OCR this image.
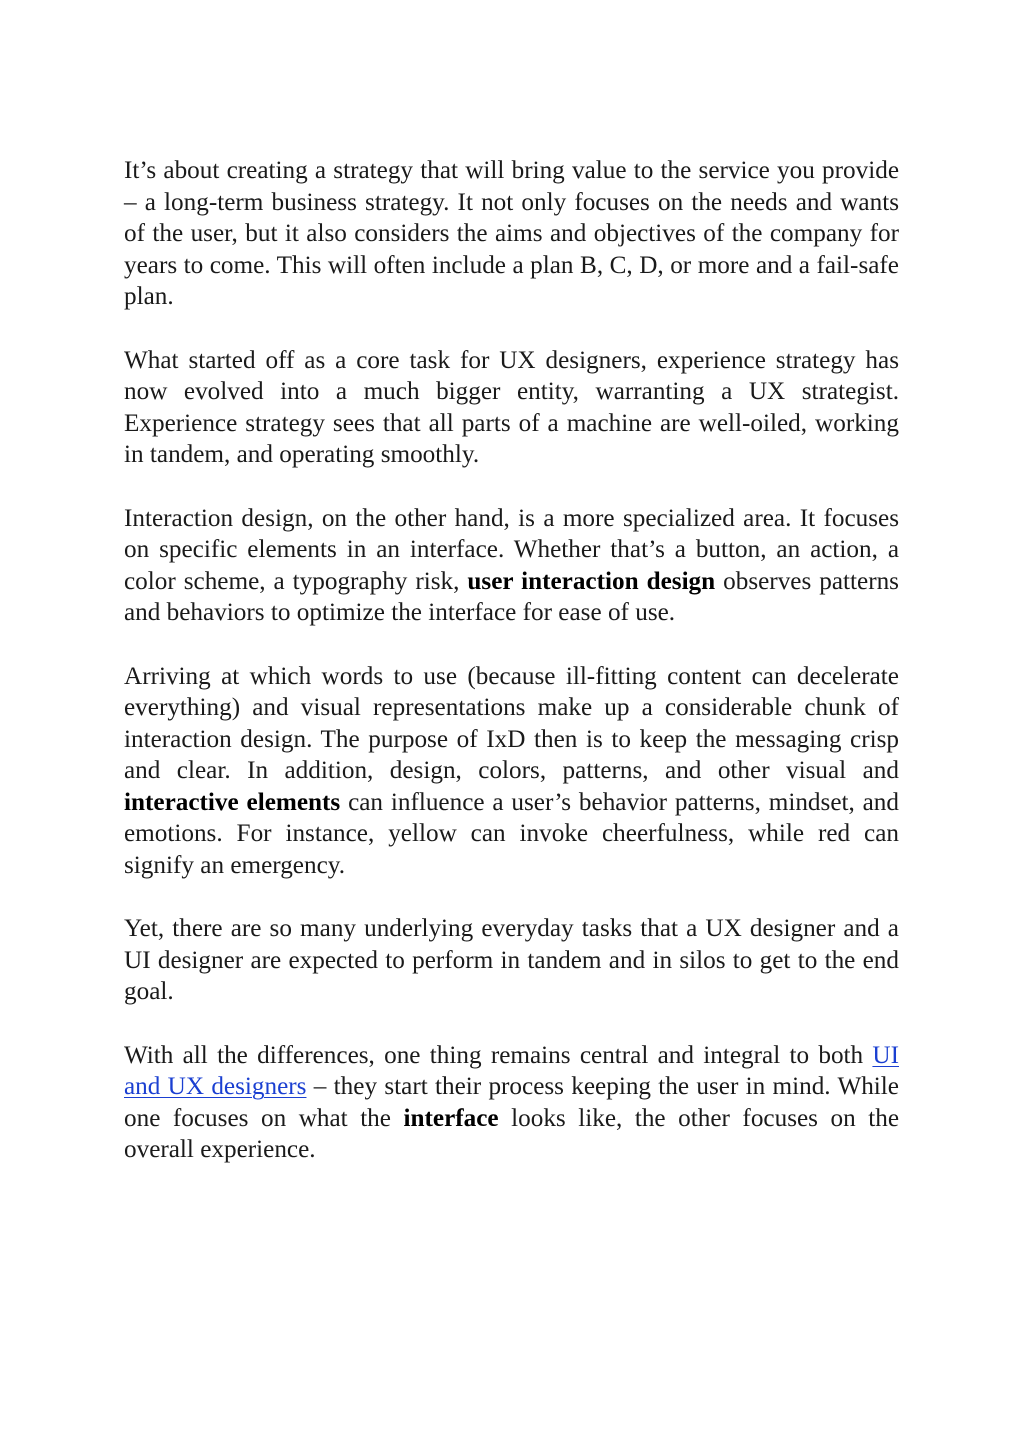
It’s about creating a strategy that will bring value to the service you provide – a long-term business strategy. It not only focuses on the needs and wants of the user, but it also considers the aims and objectives of the company for years to come. This will often include a plan B, C, D, or more and a fail-safe plan.

What started off as a core task for UX designers, experience strategy has now evolved into a much bigger entity, warranting a UX strategist. Experience strategy sees that all parts of a machine are well-oiled, working in tandem, and operating smoothly.

Interaction design, on the other hand, is a more specialized area. It focuses on specific elements in an interface. Whether that’s a button, an action, a color scheme, a typography risk, user interaction design observes patterns and behaviors to optimize the interface for ease of use.

Arriving at which words to use (because ill-fitting content can decelerate everything) and visual representations make up a considerable chunk of interaction design. The purpose of IxD then is to keep the messaging crisp and clear. In addition, design, colors, patterns, and other visual and interactive elements can influence a user’s behavior patterns, mindset, and emotions. For instance, yellow can invoke cheerfulness, while red can signify an emergency.

Yet, there are so many underlying everyday tasks that a UX designer and a UI designer are expected to perform in tandem and in silos to get to the end goal.

With all the differences, one thing remains central and integral to both UI and UX designers – they start their process keeping the user in mind. While one focuses on what the interface looks like, the other focuses on the overall experience.
